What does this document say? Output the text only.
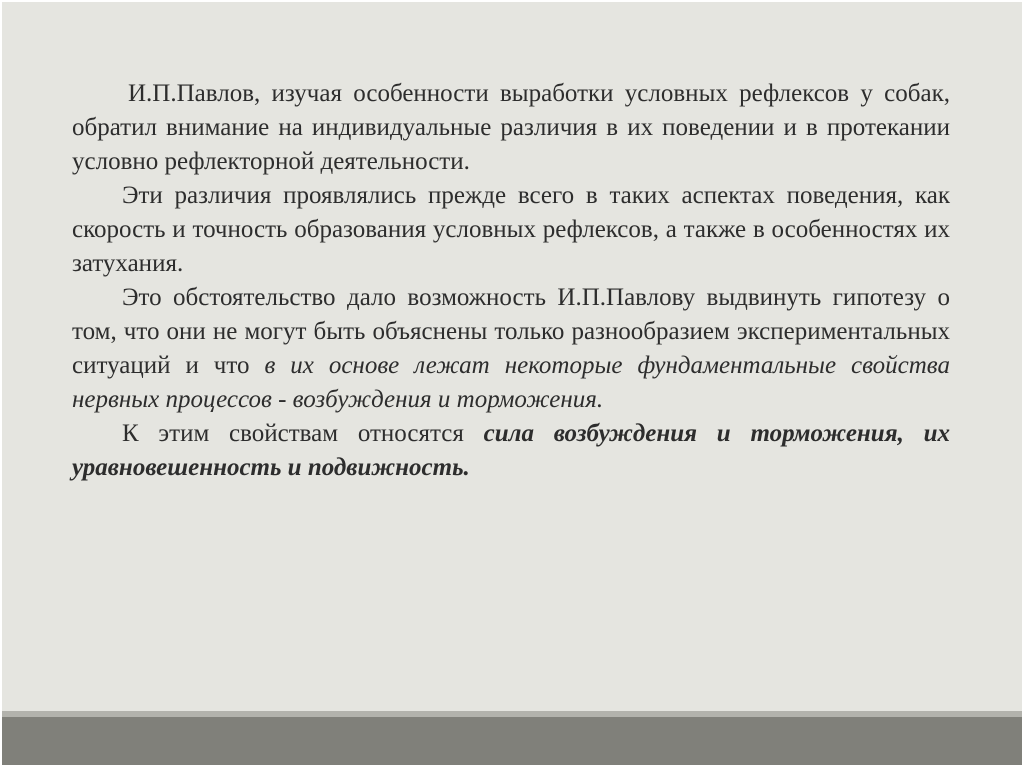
И.П.Павлов, изучая особенности выработки условных рефлексов у собак, обратил внимание на индивидуальные различия в их поведении и в протекании условно рефлекторной деятельности.

Эти различия проявлялись прежде всего в таких аспектах поведения, как скорость и точность образования условных рефлексов, а также в особенностях их затухания.

Это обстоятельство дало возможность И.П.Павлову выдвинуть гипотезу о том, что они не могут быть объяснены только разнообразием экспериментальных ситуаций и что в их основе лежат некоторые фундаментальные свойства нервных процессов - возбуждения и торможения.

К этим свойствам относятся сила возбуждения и торможения, их уравновешенность и подвижность.
